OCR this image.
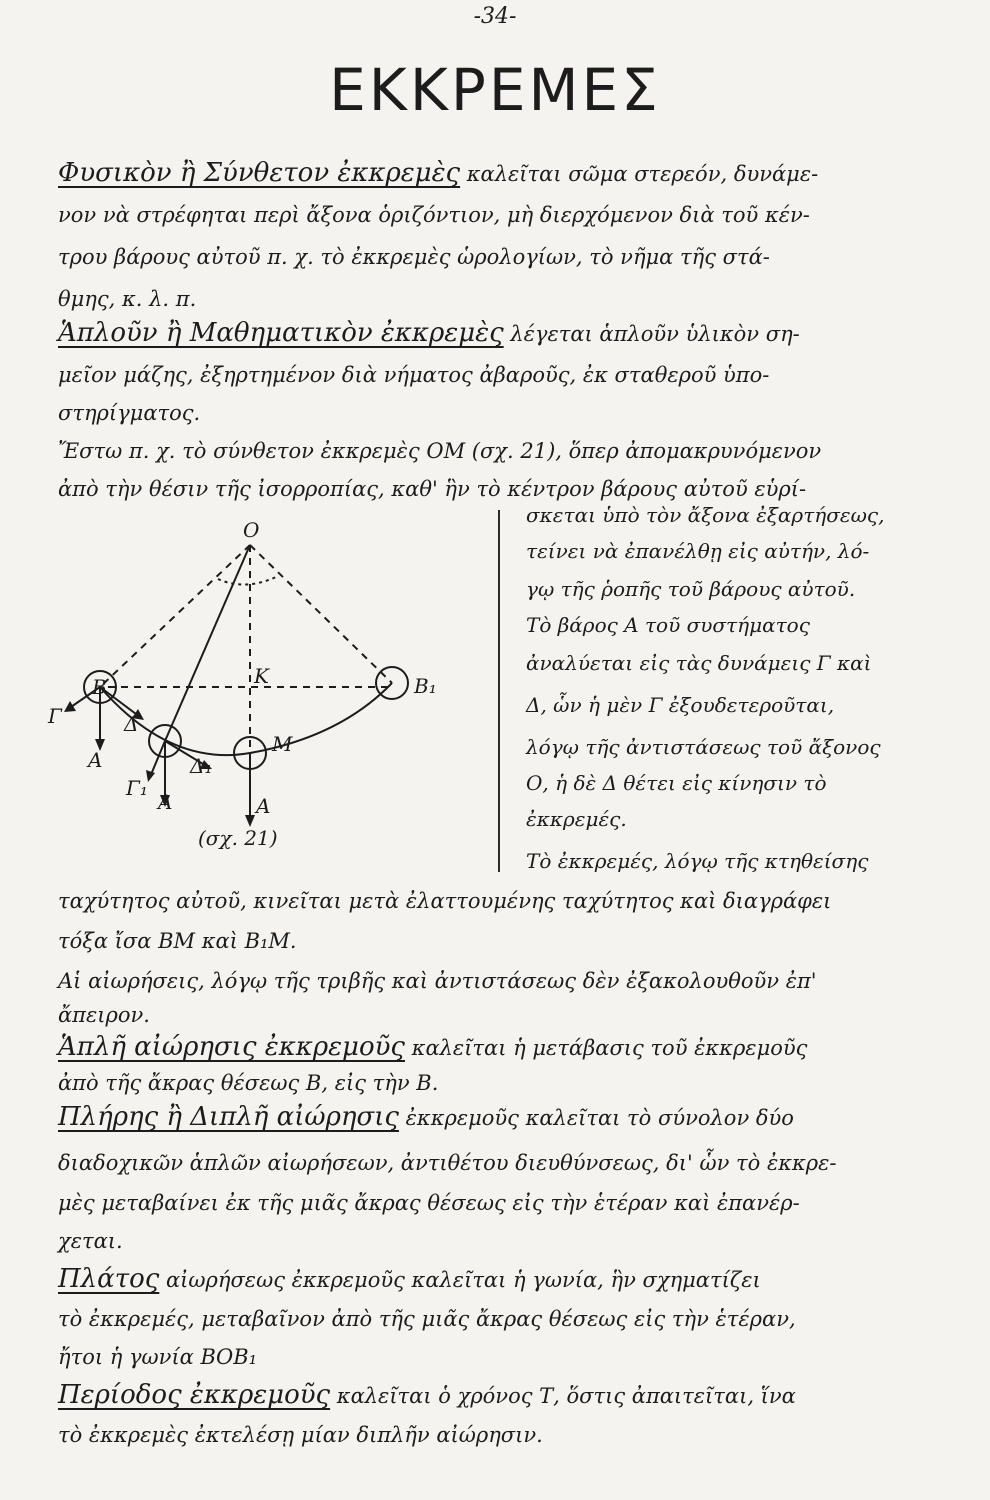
-34-
ΕΚΚΡΕΜΕΣ
Φυσικὸν ἢ Σύνθετον ἐκκρεμὲς καλεῖται σῶμα στερεόν, δυνάμε-
νον νὰ στρέφηται περὶ ἄξονα ὁριζόντιον, μὴ διερχόμενον διὰ τοῦ κέν-
τρου βάρους αὐτοῦ π. χ. τὸ ἐκκρεμὲς ὡρολογίων, τὸ νῆμα τῆς στά-
θμης, κ. λ. π.
Ἁπλοῦν ἢ Μαθηματικὸν ἐκκρεμὲς λέγεται ἁπλοῦν ὑλικὸν ση-
μεῖον μάζης, ἐξηρτημένον διὰ νήματος ἀβαροῦς, ἐκ σταθεροῦ ὑπο-
στηρίγματος.
Ἔστω π. χ. τὸ σύνθετον ἐκκρεμὲς ΟΜ (σχ. 21), ὅπερ ἀπομακρυνόμενον
ἀπὸ τὴν θέσιν τῆς ἰσορροπίας, καθ' ἣν τὸ κέντρον βάρους αὐτοῦ εὑρί-
Ο
Κ
Β	Β₁
Μ
Γ
Γ₁
Δ
Δ₁
Α
Α	Α
(σχ. 21)
σκεται ὑπὸ τὸν ἄξονα ἐξαρτήσεως,
τείνει νὰ ἐπανέλθῃ εἰς αὐτήν, λό-
γῳ τῆς ῥοπῆς τοῦ βάρους αὐτοῦ.
Τὸ βάρος Α τοῦ συστήματος
ἀναλύεται εἰς τὰς δυνάμεις Γ καὶ
Δ, ὧν ἡ μὲν Γ ἐξουδετεροῦται,
λόγῳ τῆς ἀντιστάσεως τοῦ ἄξονος
Ο, ἡ δὲ Δ θέτει εἰς κίνησιν τὸ
ἐκκρεμές.
Τὸ ἐκκρεμές, λόγῳ τῆς κτηθείσης
ταχύτητος αὐτοῦ, κινεῖται μετὰ ἐλαττουμένης ταχύτητος καὶ διαγράφει
τόξα ἴσα ΒΜ καὶ Β₁Μ.
Αἱ αἰωρήσεις, λόγῳ τῆς τριβῆς καὶ ἀντιστάσεως δὲν ἐξακολουθοῦν ἐπ'
ἄπειρον.
Ἁπλῆ αἰώρησις ἐκκρεμοῦς καλεῖται ἡ μετάβασις τοῦ ἐκκρεμοῦς
ἀπὸ τῆς ἄκρας θέσεως Β, εἰς τὴν Β.
Πλήρης ἢ Διπλῆ αἰώρησις ἐκκρεμοῦς καλεῖται τὸ σύνολον δύο
διαδοχικῶν ἁπλῶν αἰωρήσεων, ἀντιθέτου διευθύνσεως, δι' ὧν τὸ ἐκκρε-
μὲς μεταβαίνει ἐκ τῆς μιᾶς ἄκρας θέσεως εἰς τὴν ἑτέραν καὶ ἐπανέρ-
χεται.
Πλάτος αἰωρήσεως ἐκκρεμοῦς καλεῖται ἡ γωνία, ἣν σχηματίζει
τὸ ἐκκρεμές, μεταβαῖνον ἀπὸ τῆς μιᾶς ἄκρας θέσεως εἰς τὴν ἑτέραν,
ἤτοι ἡ γωνία ΒΟΒ₁
Περίοδος ἐκκρεμοῦς καλεῖται ὁ χρόνος Τ, ὅστις ἀπαιτεῖται, ἵνα
τὸ ἐκκρεμὲς ἐκτελέσῃ μίαν διπλῆν αἰώρησιν.
